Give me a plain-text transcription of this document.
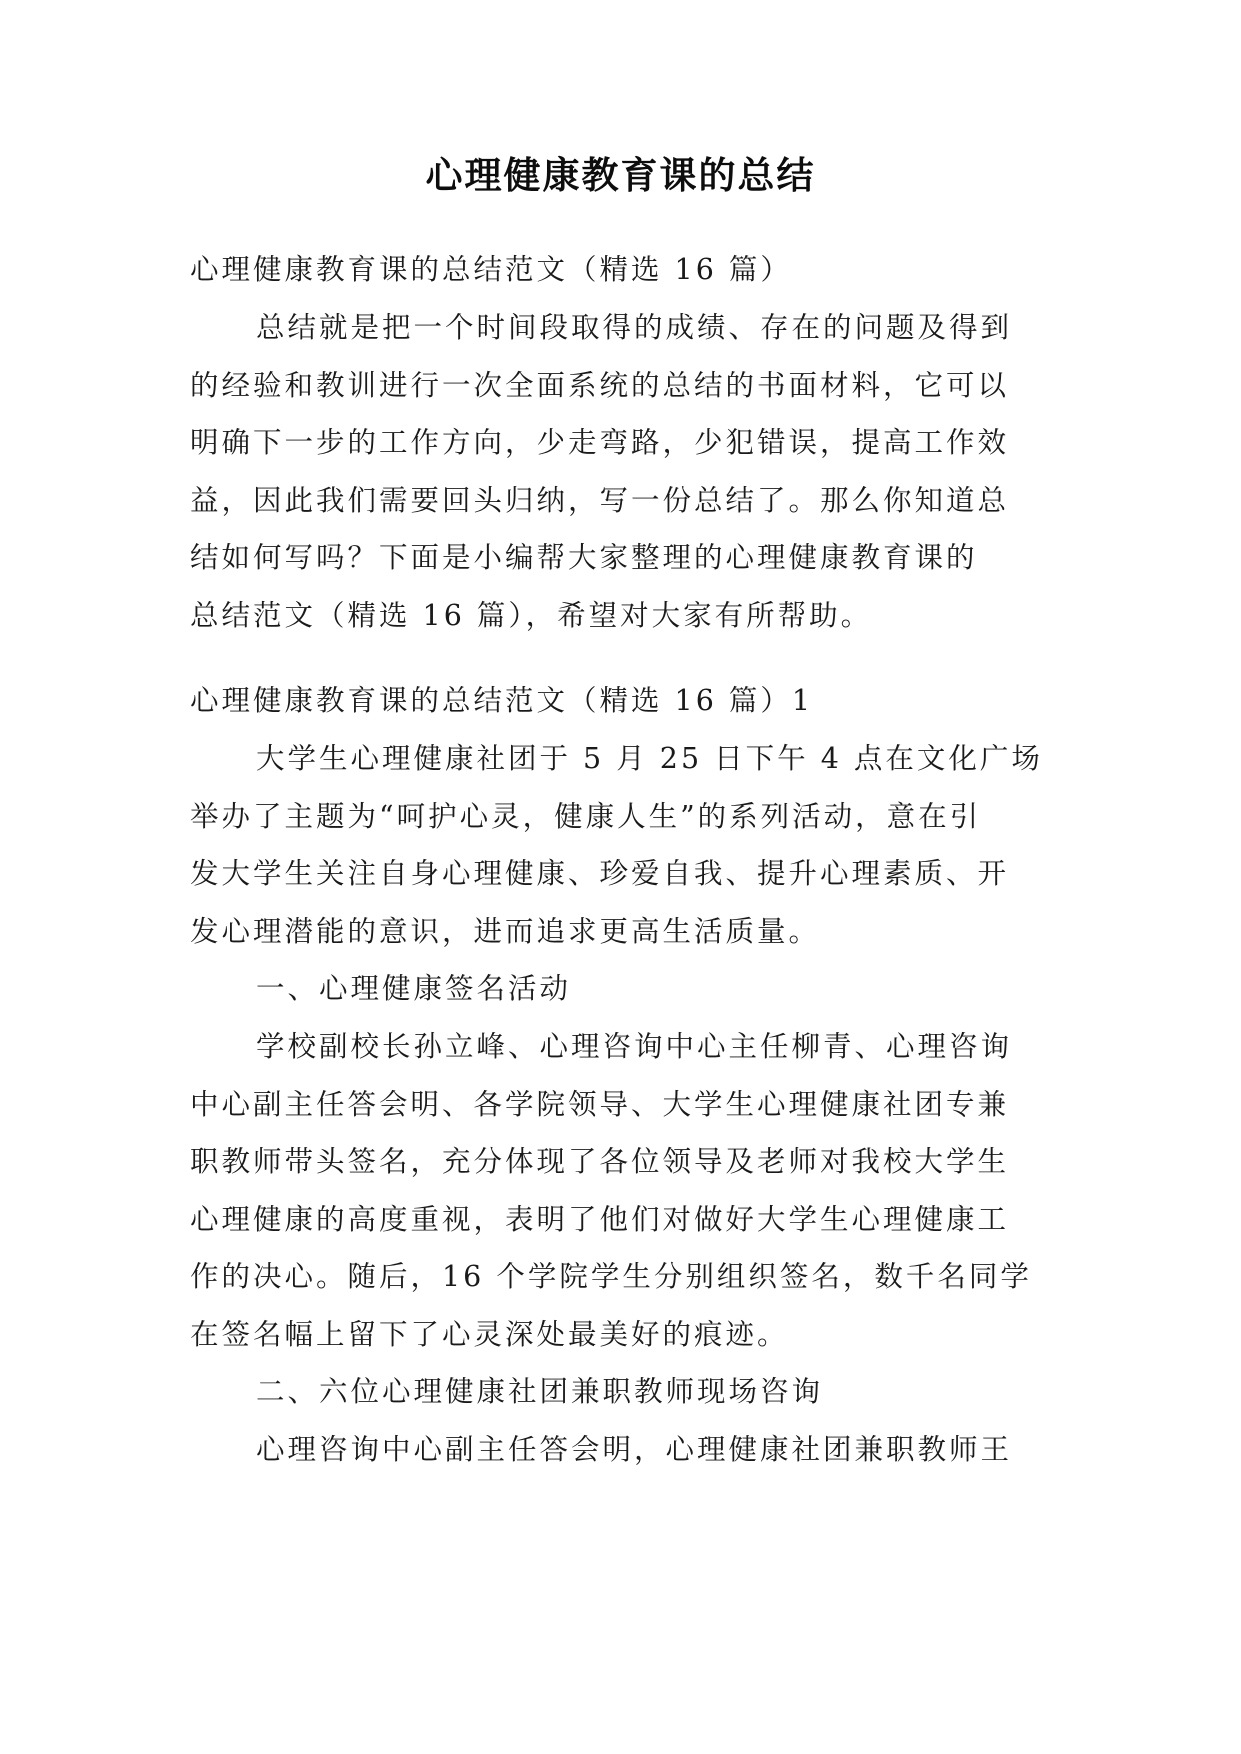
心理健康教育课的总结

心理健康教育课的总结范文（精选 16 篇）

总结就是把一个时间段取得的成绩、存在的问题及得到
的经验和教训进行一次全面系统的总结的书面材料，它可以
明确下一步的工作方向，少走弯路，少犯错误，提高工作效
益，因此我们需要回头归纳，写一份总结了。那么你知道总
结如何写吗？下面是小编帮大家整理的心理健康教育课的
总结范文（精选 16 篇），希望对大家有所帮助。

心理健康教育课的总结范文（精选 16 篇）1

大学生心理健康社团于 5 月 25 日下午 4 点在文化广场
举办了主题为“呵护心灵，健康人生”的系列活动，意在引
发大学生关注自身心理健康、珍爱自我、提升心理素质、开
发心理潜能的意识，进而追求更高生活质量。

一、心理健康签名活动

学校副校长孙立峰、心理咨询中心主任柳青、心理咨询
中心副主任答会明、各学院领导、大学生心理健康社团专兼
职教师带头签名，充分体现了各位领导及老师对我校大学生
心理健康的高度重视，表明了他们对做好大学生心理健康工
作的决心。随后，16 个学院学生分别组织签名，数千名同学
在签名幅上留下了心灵深处最美好的痕迹。

二、六位心理健康社团兼职教师现场咨询

心理咨询中心副主任答会明，心理健康社团兼职教师王
